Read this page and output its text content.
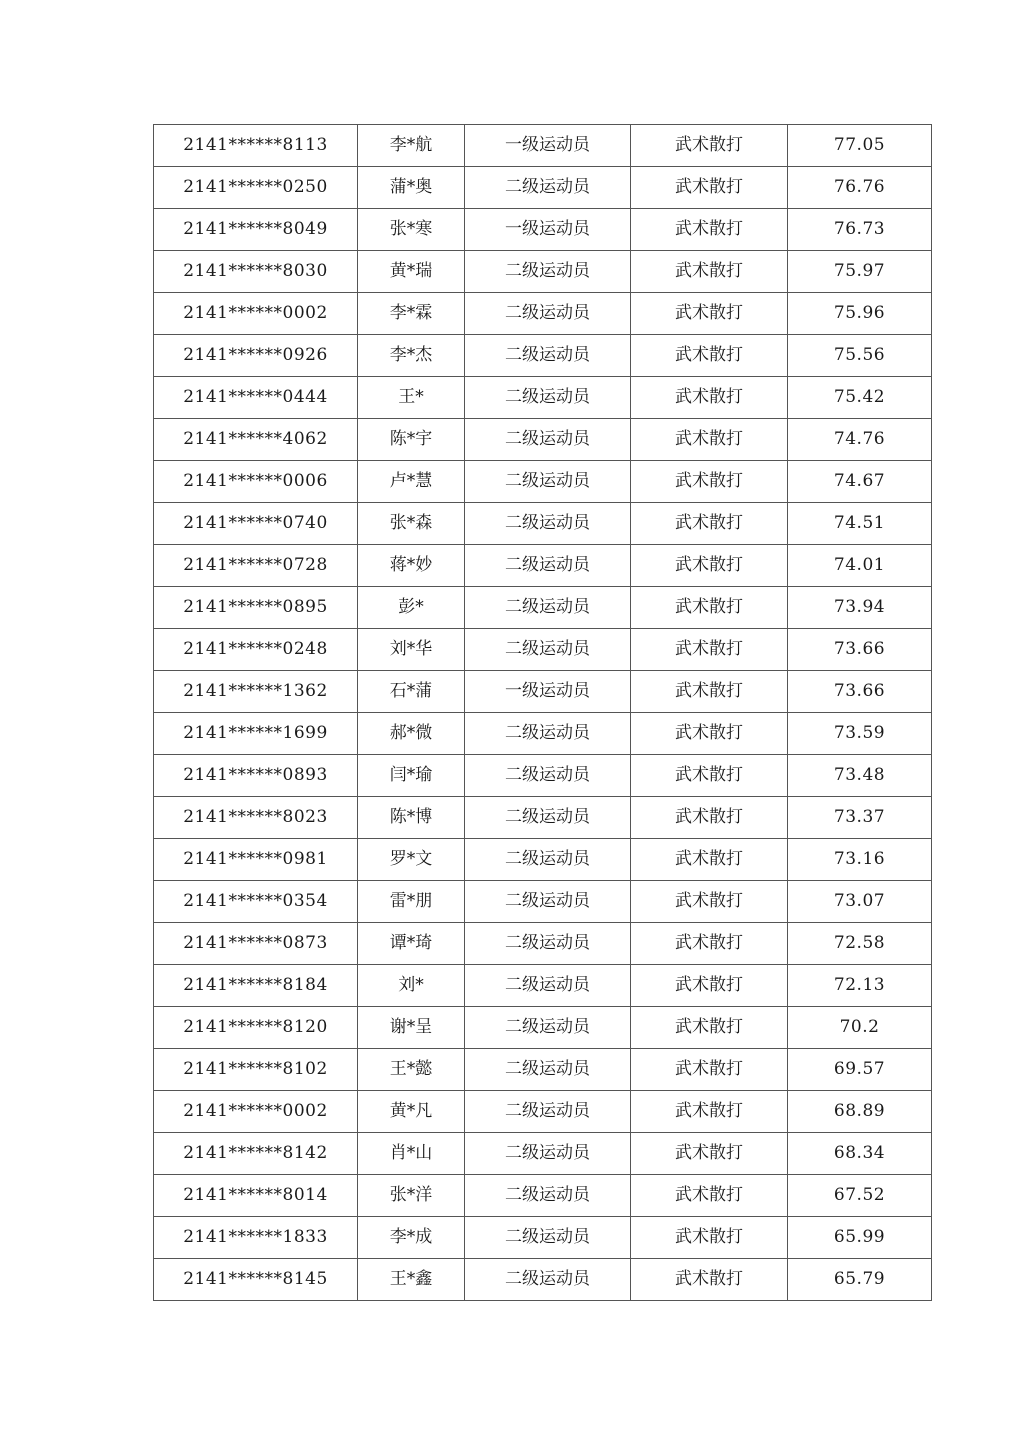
2141******8113	李*航	一级运动员	武术散打	77.05
2141******0250	蒲*奥	二级运动员	武术散打	76.76
2141******8049	张*寒	一级运动员	武术散打	76.73
2141******8030	黄*瑞	二级运动员	武术散打	75.97
2141******0002	李*霖	二级运动员	武术散打	75.96
2141******0926	李*杰	二级运动员	武术散打	75.56
2141******0444	王*	二级运动员	武术散打	75.42
2141******4062	陈*宇	二级运动员	武术散打	74.76
2141******0006	卢*慧	二级运动员	武术散打	74.67
2141******0740	张*森	二级运动员	武术散打	74.51
2141******0728	蒋*妙	二级运动员	武术散打	74.01
2141******0895	彭*	二级运动员	武术散打	73.94
2141******0248	刘*华	二级运动员	武术散打	73.66
2141******1362	石*蒲	一级运动员	武术散打	73.66
2141******1699	郝*微	二级运动员	武术散打	73.59
2141******0893	闫*瑜	二级运动员	武术散打	73.48
2141******8023	陈*博	二级运动员	武术散打	73.37
2141******0981	罗*文	二级运动员	武术散打	73.16
2141******0354	雷*朋	二级运动员	武术散打	73.07
2141******0873	谭*琦	二级运动员	武术散打	72.58
2141******8184	刘*	二级运动员	武术散打	72.13
2141******8120	谢*呈	二级运动员	武术散打	70.2
2141******8102	王*懿	二级运动员	武术散打	69.57
2141******0002	黄*凡	二级运动员	武术散打	68.89
2141******8142	肖*山	二级运动员	武术散打	68.34
2141******8014	张*洋	二级运动员	武术散打	67.52
2141******1833	李*成	二级运动员	武术散打	65.99
2141******8145	王*鑫	二级运动员	武术散打	65.79
